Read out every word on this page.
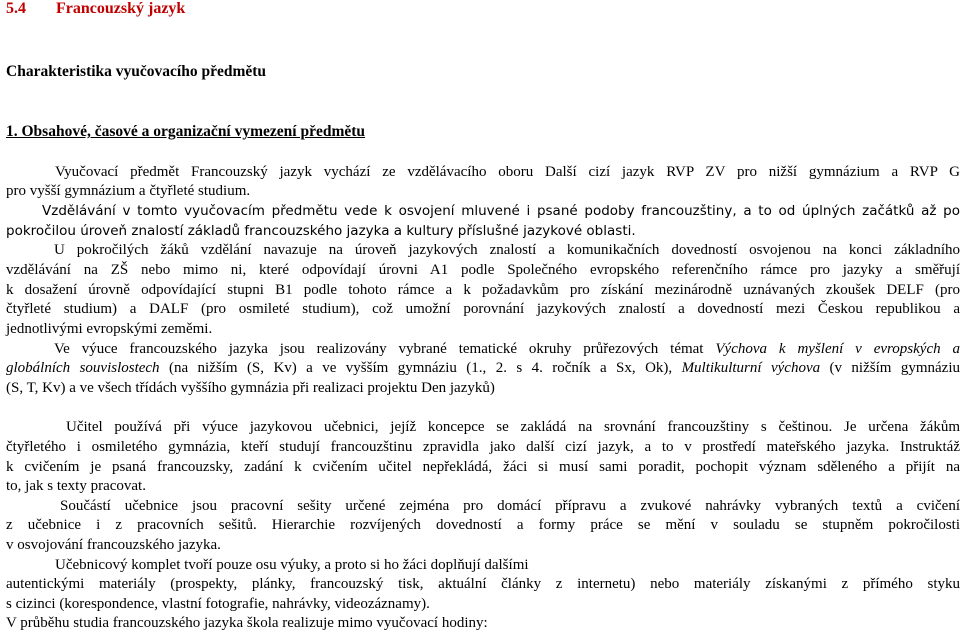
5.4 Francouzský jazyk
Charakteristika vyučovacího předmětu
1. Obsahové, časové a organizační vymezení předmětu
Vyučovací předmět Francouzský jazyk vychází ze vzdělávacího oboru Další cizí jazyk RVP ZV pro nižší gymnázium a RVP G
pro vyšší gymnázium a čtyřleté studium.
Vzdělávání v tomto vyučovacím předmětu vede k osvojení mluvené i psané podoby francouzštiny, a to od úplných začátků až po
pokročilou úroveň znalostí základů francouzského jazyka a kultury příslušné jazykové oblasti.
U pokročilých žáků vzdělání navazuje na úroveň jazykových znalostí a komunikačních dovedností osvojenou na konci základního
vzdělávání na ZŠ nebo mimo ni, které odpovídají úrovni A1 podle Společného evropského referenčního rámce pro jazyky a směřují
k dosažení úrovně odpovídající stupni B1 podle tohoto rámce a k požadavkům pro získání mezinárodně uznávaných zkoušek DELF (pro
čtyřleté studium) a DALF (pro osmileté studium), což umožní porovnání jazykových znalostí a dovedností mezi Českou republikou a
jednotlivými evropskými zeměmi.
Ve výuce francouzského jazyka jsou realizovány vybrané tematické okruhy průřezových témat Výchova k myšlení v evropských a
globálních souvislostech (na nižším (S, Kv) a ve vyšším gymnáziu (1., 2. s 4. ročník a Sx, Ok), Multikulturní výchova (v nižším gymnáziu
(S, T, Kv) a ve všech třídách vyššího gymnázia při realizaci projektu Den jazyků)
Učitel používá při výuce jazykovou učebnici, jejíž koncepce se zakládá na srovnání francouzštiny s češtinou. Je určena žákům
čtyřletého i osmiletého gymnázia, kteří studují francouzštinu zpravidla jako další cizí jazyk, a to v prostředí mateřského jazyka. Instruktáž
k cvičením je psaná francouzsky, zadání k cvičením učitel nepřekládá, žáci si musí sami poradit, pochopit význam sděleného a přijít na
to, jak s texty pracovat.
Součástí učebnice jsou pracovní sešity určené zejména pro domácí přípravu a zvukové nahrávky vybraných textů a cvičení
z učebnice i z pracovních sešitů. Hierarchie rozvíjených dovedností a formy práce se mění v souladu se stupněm pokročilosti
v osvojování francouzského jazyka.
Učebnicový komplet tvoří pouze osu výuky, a proto si ho žáci doplňují dalšími
autentickými materiály (prospekty, plánky, francouzský tisk, aktuální články z internetu) nebo materiály získanými z přímého styku
s cizinci (korespondence, vlastní fotografie, nahrávky, videozáznamy).
V průběhu studia francouzského jazyka škola realizuje mimo vyučovací hodiny:
